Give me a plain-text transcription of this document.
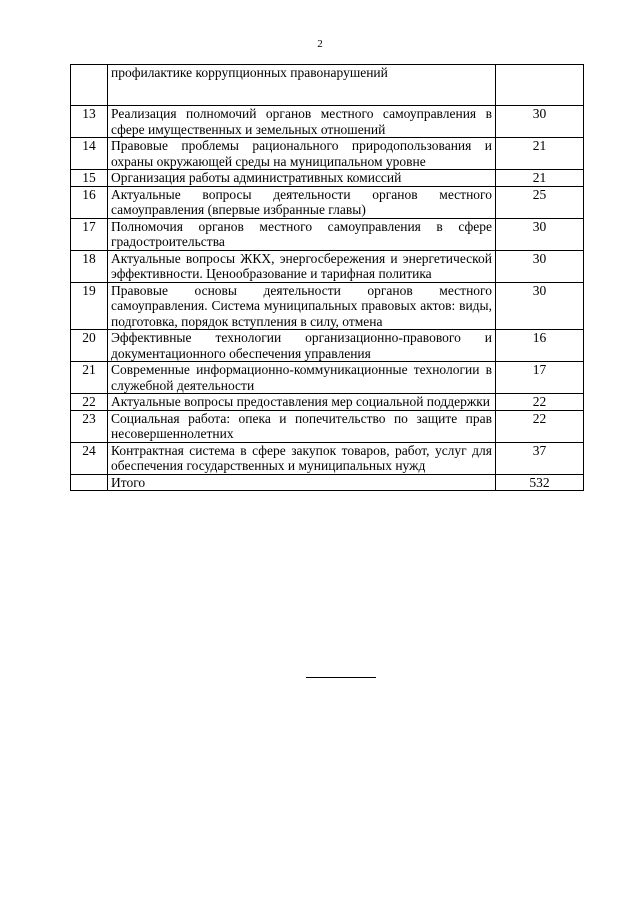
2
	профилактике коррупционных правонарушений	
13	Реализация полномочий органов местного самоуправления в сфере имущественных и земельных отношений	30
14	Правовые проблемы рационального природопользования и охраны окружающей среды на муниципальном уровне	21
15	Организация работы административных комиссий	21
16	Актуальные вопросы деятельности органов местного самоуправления (впервые избранные главы)	25
17	Полномочия органов местного самоуправления в сфере градостроительства	30
18	Актуальные вопросы ЖКХ, энергосбережения и энергетической эффективности. Ценообразование и тарифная политика	30
19	Правовые основы деятельности органов местного самоуправления. Система муниципальных правовых актов: виды, подготовка, порядок вступления в силу, отмена	30
20	Эффективные технологии организационно-правового и документационного обеспечения управления	16
21	Современные информационно-коммуникационные технологии в служебной деятельности	17
22	Актуальные вопросы предоставления мер социальной поддержки	22
23	Социальная работа: опека и попечительство по защите прав несовершеннолетних	22
24	Контрактная система в сфере закупок товаров, работ, услуг для обеспечения государственных и муниципальных нужд	37
	Итого	532
